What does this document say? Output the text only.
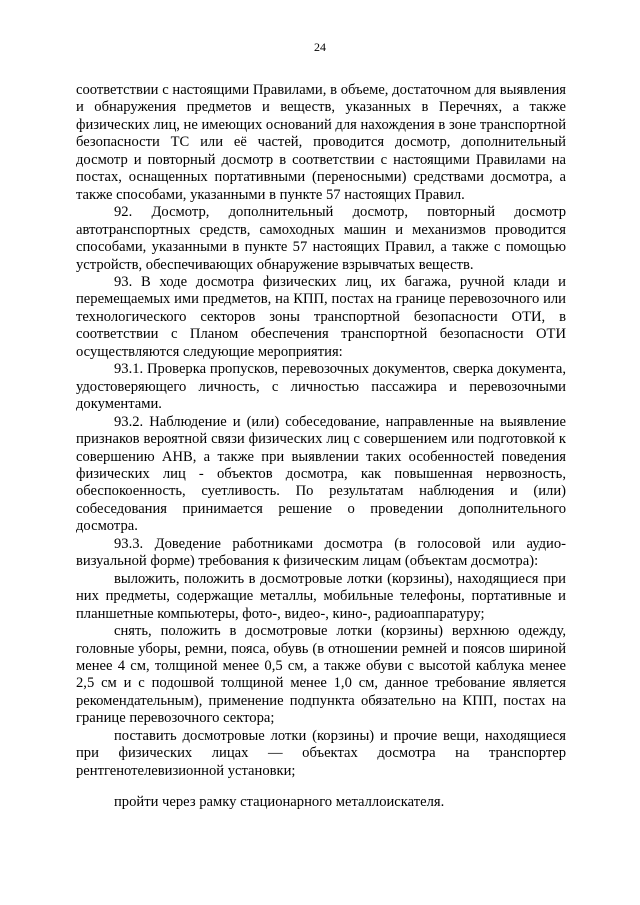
24

соответствии с настоящими Правилами, в объеме, достаточном для выявления и обнаружения предметов и веществ, указанных в Перечнях, а также физических лиц, не имеющих оснований для нахождения в зоне транспортной безопасности ТС или её частей, проводится досмотр, дополнительный досмотр и повторный досмотр в соответствии с настоящими Правилами на постах, оснащенных портативными (переносными) средствами досмотра, а также способами, указанными в пункте 57 настоящих Правил.

92. Досмотр, дополнительный досмотр, повторный досмотр автотранспортных средств, самоходных машин и механизмов проводится способами, указанными в пункте 57 настоящих Правил, а также с помощью устройств, обеспечивающих обнаружение взрывчатых веществ.

93. В ходе досмотра физических лиц, их багажа, ручной клади и перемещаемых ими предметов, на КПП, постах на границе перевозочного или технологического секторов зоны транспортной безопасности ОТИ, в соответствии с Планом обеспечения транспортной безопасности ОТИ осуществляются следующие мероприятия:

93.1. Проверка пропусков, перевозочных документов, сверка документа, удостоверяющего личность, с личностью пассажира и перевозочными документами.

93.2. Наблюдение и (или) собеседование, направленные на выявление признаков вероятной связи физических лиц с совершением или подготовкой к совершению АНВ, а также при выявлении таких особенностей поведения физических лиц - объектов досмотра, как повышенная нервозность, обеспокоенность, суетливость. По результатам наблюдения и (или) собеседования принимается решение о проведении дополнительного досмотра.

93.3. Доведение работниками досмотра (в голосовой или аудио-визуальной форме) требования к физическим лицам (объектам досмотра):

выложить, положить в досмотровые лотки (корзины), находящиеся при них предметы, содержащие металлы, мобильные телефоны, портативные и планшетные компьютеры, фото-, видео-, кино-, радиоаппаратуру;

снять, положить в досмотровые лотки (корзины) верхнюю одежду, головные уборы, ремни, пояса, обувь (в отношении ремней и поясов шириной менее 4 см, толщиной менее 0,5 см, а также обуви с высотой каблука менее 2,5 см и с подошвой толщиной менее 1,0 см, данное требование является рекомендательным), применение подпункта обязательно на КПП, постах на границе перевозочного сектора;

поставить досмотровые лотки (корзины) и прочие вещи, находящиеся при физических лицах — объектах досмотра на транспортер рентгенотелевизионной установки;

пройти через рамку стационарного металлоискателя.
